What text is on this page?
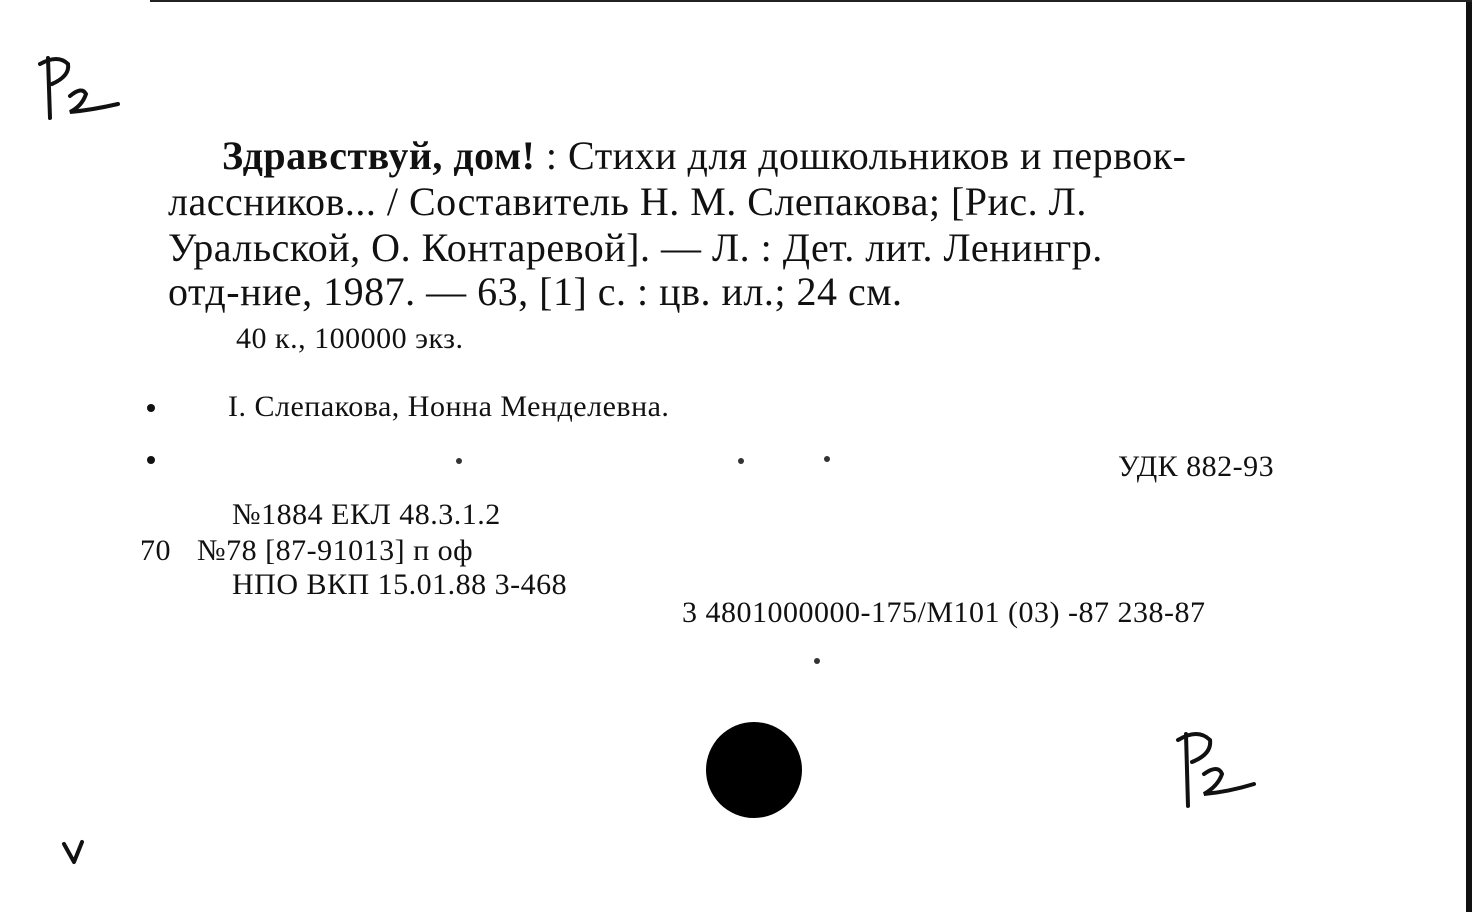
Здравствуй, дом! : Стихи для дошкольников и первок-
лассников... / Составитель Н. М. Слепакова; [Рис. Л.
Уральской, О. Контаревой]. — Л. : Дет. лит. Ленингр.
отд-ние, 1987. — 63, [1] с. : цв. ил.; 24 см.
40 к., 100000 экз.
I. Слепакова, Нонна Менделевна.
УДК 882-93
№1884 ЕКЛ 48.3.1.2
70 №78 [87-91013] п оф
НПО ВКП 15.01.88 3-468
3 4801000000-175/М101 (03) -87 238-87
